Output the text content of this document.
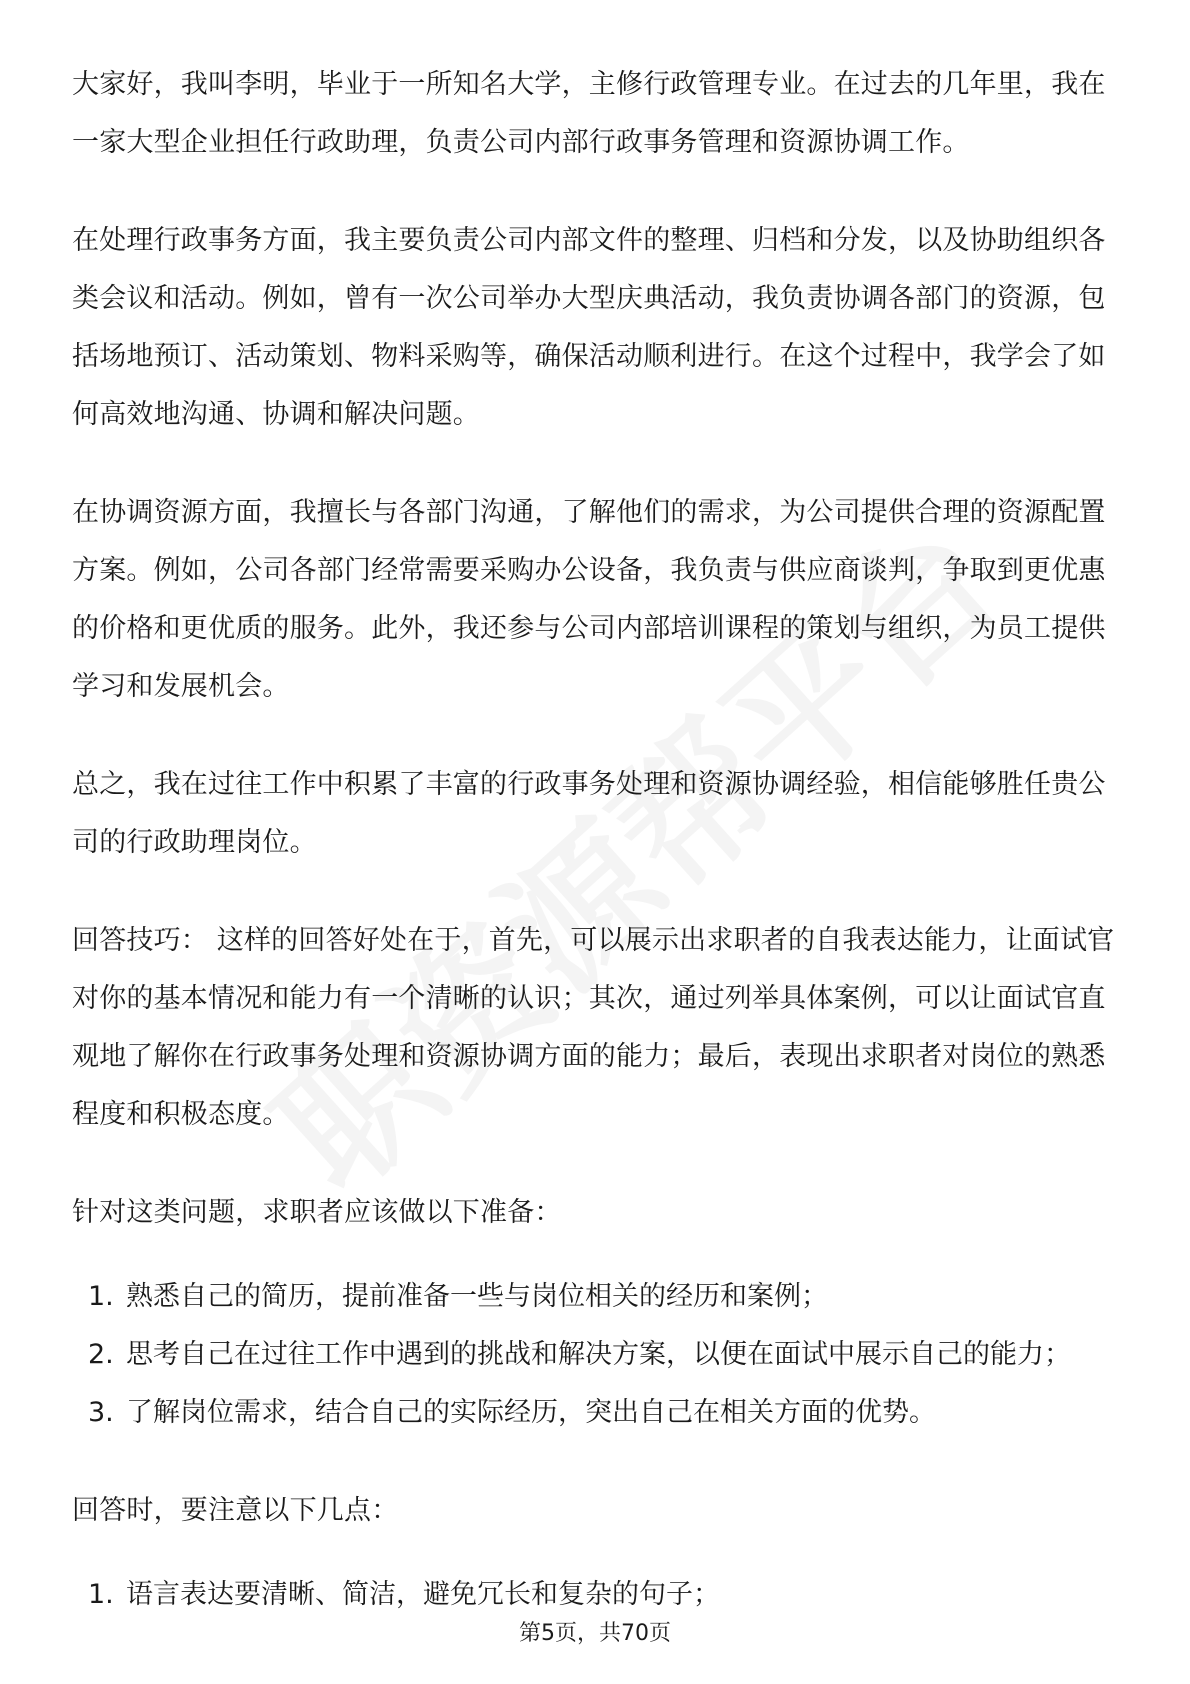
大家好，我叫李明，毕业于一所知名大学，主修行政管理专业。在过去的几年里，我在一家大型企业担任行政助理，负责公司内部行政事务管理和资源协调工作。

在处理行政事务方面，我主要负责公司内部文件的整理、归档和分发，以及协助组织各类会议和活动。例如，曾有一次公司举办大型庆典活动，我负责协调各部门的资源，包括场地预订、活动策划、物料采购等，确保活动顺利进行。在这个过程中，我学会了如何高效地沟通、协调和解决问题。

在协调资源方面，我擅长与各部门沟通，了解他们的需求，为公司提供合理的资源配置方案。例如，公司各部门经常需要采购办公设备，我负责与供应商谈判，争取到更优惠的价格和更优质的服务。此外，我还参与公司内部培训课程的策划与组织，为员工提供学习和发展机会。

总之，我在过往工作中积累了丰富的行政事务处理和资源协调经验，相信能够胜任贵公司的行政助理岗位。

回答技巧： 这样的回答好处在于，首先，可以展示出求职者的自我表达能力，让面试官对你的基本情况和能力有一个清晰的认识；其次，通过列举具体案例，可以让面试官直观地了解你在行政事务处理和资源协调方面的能力；最后，表现出求职者对岗位的熟悉程度和积极态度。

针对这类问题，求职者应该做以下准备：

1. 熟悉自己的简历，提前准备一些与岗位相关的经历和案例；
2. 思考自己在过往工作中遇到的挑战和解决方案，以便在面试中展示自己的能力；
3. 了解岗位需求，结合自己的实际经历，突出自己在相关方面的优势。

回答时，要注意以下几点：

1. 语言表达要清晰、简洁，避免冗长和复杂的句子；
第5页，共70页
